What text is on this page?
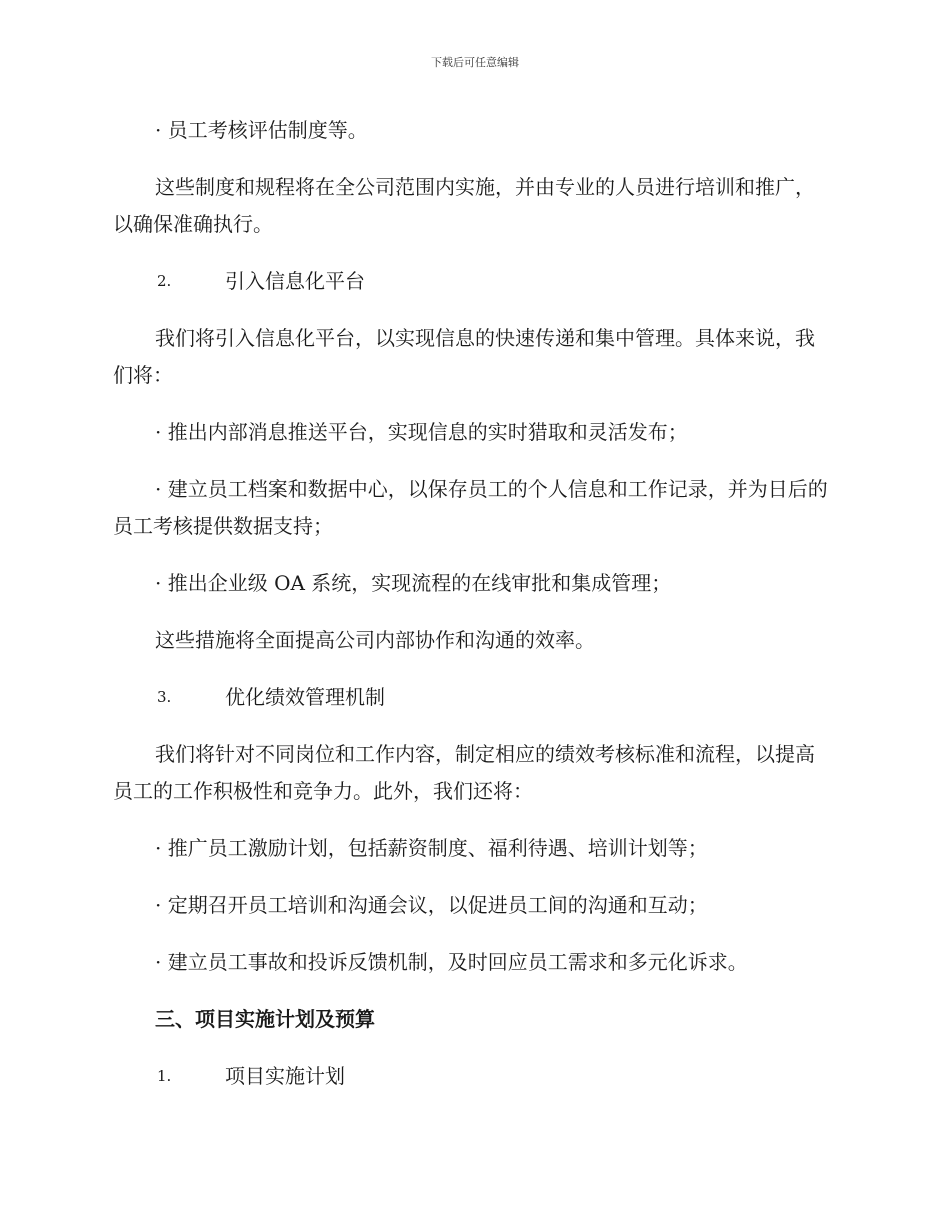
下载后可任意编辑

· 员工考核评估制度等。

这些制度和规程将在全公司范围内实施，并由专业的人员进行培训和推广，以确保准确执行。

2.	引入信息化平台

我们将引入信息化平台，以实现信息的快速传递和集中管理。具体来说，我们将：

· 推出内部消息推送平台，实现信息的实时猎取和灵活发布；

· 建立员工档案和数据中心，以保存员工的个人信息和工作记录，并为日后的员工考核提供数据支持；

· 推出企业级 OA 系统，实现流程的在线审批和集成管理；

这些措施将全面提高公司内部协作和沟通的效率。

3.	优化绩效管理机制

我们将针对不同岗位和工作内容，制定相应的绩效考核标准和流程，以提高员工的工作积极性和竞争力。此外，我们还将：

· 推广员工激励计划，包括薪资制度、福利待遇、培训计划等；

· 定期召开员工培训和沟通会议，以促进员工间的沟通和互动；

· 建立员工事故和投诉反馈机制，及时回应员工需求和多元化诉求。

三、项目实施计划及预算

1.	项目实施计划
